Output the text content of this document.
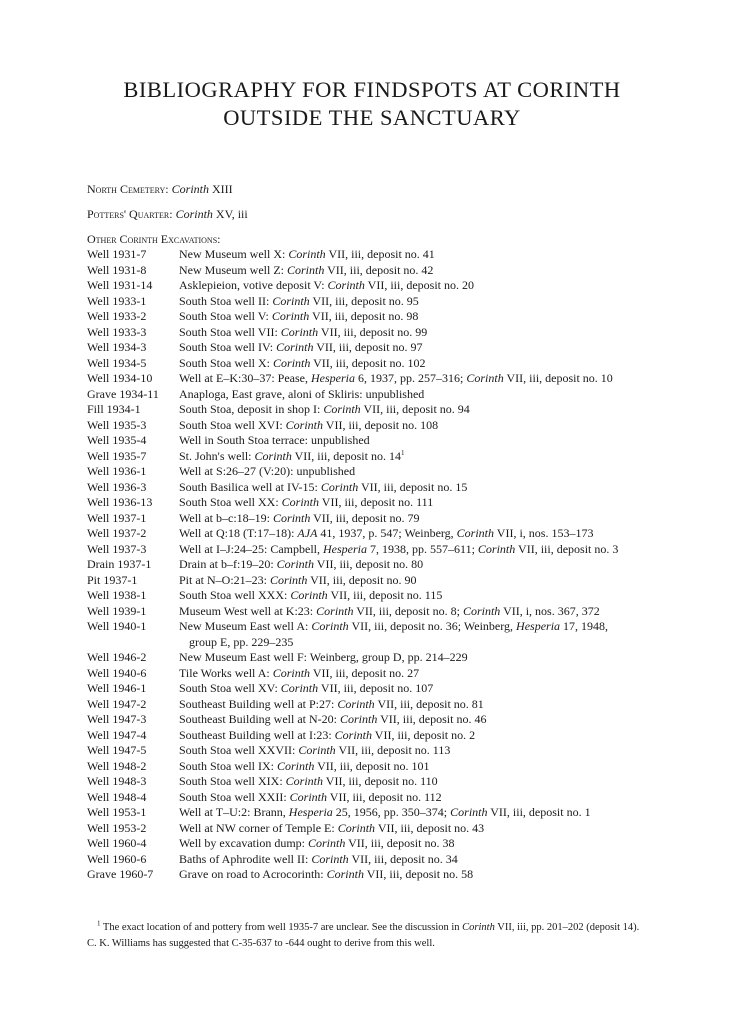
BIBLIOGRAPHY FOR FINDSPOTS AT CORINTH
OUTSIDE THE SANCTUARY
North Cemetery: Corinth XIII
Potters' Quarter: Corinth XV, iii
Other Corinth Excavations:
Well 1931-7	New Museum well X: Corinth VII, iii, deposit no. 41
Well 1931-8	New Museum well Z: Corinth VII, iii, deposit no. 42
Well 1931-14	Asklepieion, votive deposit V: Corinth VII, iii, deposit no. 20
Well 1933-1	South Stoa well II: Corinth VII, iii, deposit no. 95
Well 1933-2	South Stoa well V: Corinth VII, iii, deposit no. 98
Well 1933-3	South Stoa well VII: Corinth VII, iii, deposit no. 99
Well 1934-3	South Stoa well IV: Corinth VII, iii, deposit no. 97
Well 1934-5	South Stoa well X: Corinth VII, iii, deposit no. 102
Well 1934-10	Well at E–K:30–37: Pease, Hesperia 6, 1937, pp. 257–316; Corinth VII, iii, deposit no. 10
Grave 1934-11	Anaploga, East grave, aloni of Skliris: unpublished
Fill 1934-1	South Stoa, deposit in shop I: Corinth VII, iii, deposit no. 94
Well 1935-3	South Stoa well XVI: Corinth VII, iii, deposit no. 108
Well 1935-4	Well in South Stoa terrace: unpublished
Well 1935-7	St. John's well: Corinth VII, iii, deposit no. $14^1$
Well 1936-1	Well at S:26–27 (V:20): unpublished
Well 1936-3	South Basilica well at IV-15: Corinth VII, iii, deposit no. 15
Well 1936-13	South Stoa well XX: Corinth VII, iii, deposit no. 111
Well 1937-1	Well at b–c:18–19: Corinth VII, iii, deposit no. 79
Well 1937-2	Well at Q:18 (T:17–18): AJA 41, 1937, p. 547; Weinberg, Corinth VII, i, nos. 153–173
Well 1937-3	Well at I–J:24–25: Campbell, Hesperia 7, 1938, pp. 557–611; Corinth VII, iii, deposit no. 3
Drain 1937-1	Drain at b–f:19–20: Corinth VII, iii, deposit no. 80
Pit 1937-1	Pit at N–O:21–23: Corinth VII, iii, deposit no. 90
Well 1938-1	South Stoa well XXX: Corinth VII, iii, deposit no. 115
Well 1939-1	Museum West well at K:23: Corinth VII, iii, deposit no. 8; Corinth VII, i, nos. 367, 372
Well 1940-1	New Museum East well A: Corinth VII, iii, deposit no. 36; Weinberg, Hesperia 17, 1948,
group E, pp. 229–235
Well 1946-2	New Museum East well F: Weinberg, group D, pp. 214–229
Well 1940-6	Tile Works well A: Corinth VII, iii, deposit no. 27
Well 1946-1	South Stoa well XV: Corinth VII, iii, deposit no. 107
Well 1947-2	Southeast Building well at P:27: Corinth VII, iii, deposit no. 81
Well 1947-3	Southeast Building well at N-20: Corinth VII, iii, deposit no. 46
Well 1947-4	Southeast Building well at I:23: Corinth VII, iii, deposit no. 2
Well 1947-5	South Stoa well XXVII: Corinth VII, iii, deposit no. 113
Well 1948-2	South Stoa well IX: Corinth VII, iii, deposit no. 101
Well 1948-3	South Stoa well XIX: Corinth VII, iii, deposit no. 110
Well 1948-4	South Stoa well XXII: Corinth VII, iii, deposit no. 112
Well 1953-1	Well at T–U:2: Brann, Hesperia 25, 1956, pp. 350–374; Corinth VII, iii, deposit no. 1
Well 1953-2	Well at NW corner of Temple E: Corinth VII, iii, deposit no. 43
Well 1960-4	Well by excavation dump: Corinth VII, iii, deposit no. 38
Well 1960-6	Baths of Aphrodite well II: Corinth VII, iii, deposit no. 34
Grave 1960-7	Grave on road to Acrocorinth: Corinth VII, iii, deposit no. 58
$^1$ The exact location of and pottery from well 1935-7 are unclear. See the discussion in Corinth VII, iii, pp. 201–202 (deposit 14).
C. K. Williams has suggested that C-35-637 to -644 ought to derive from this well.
